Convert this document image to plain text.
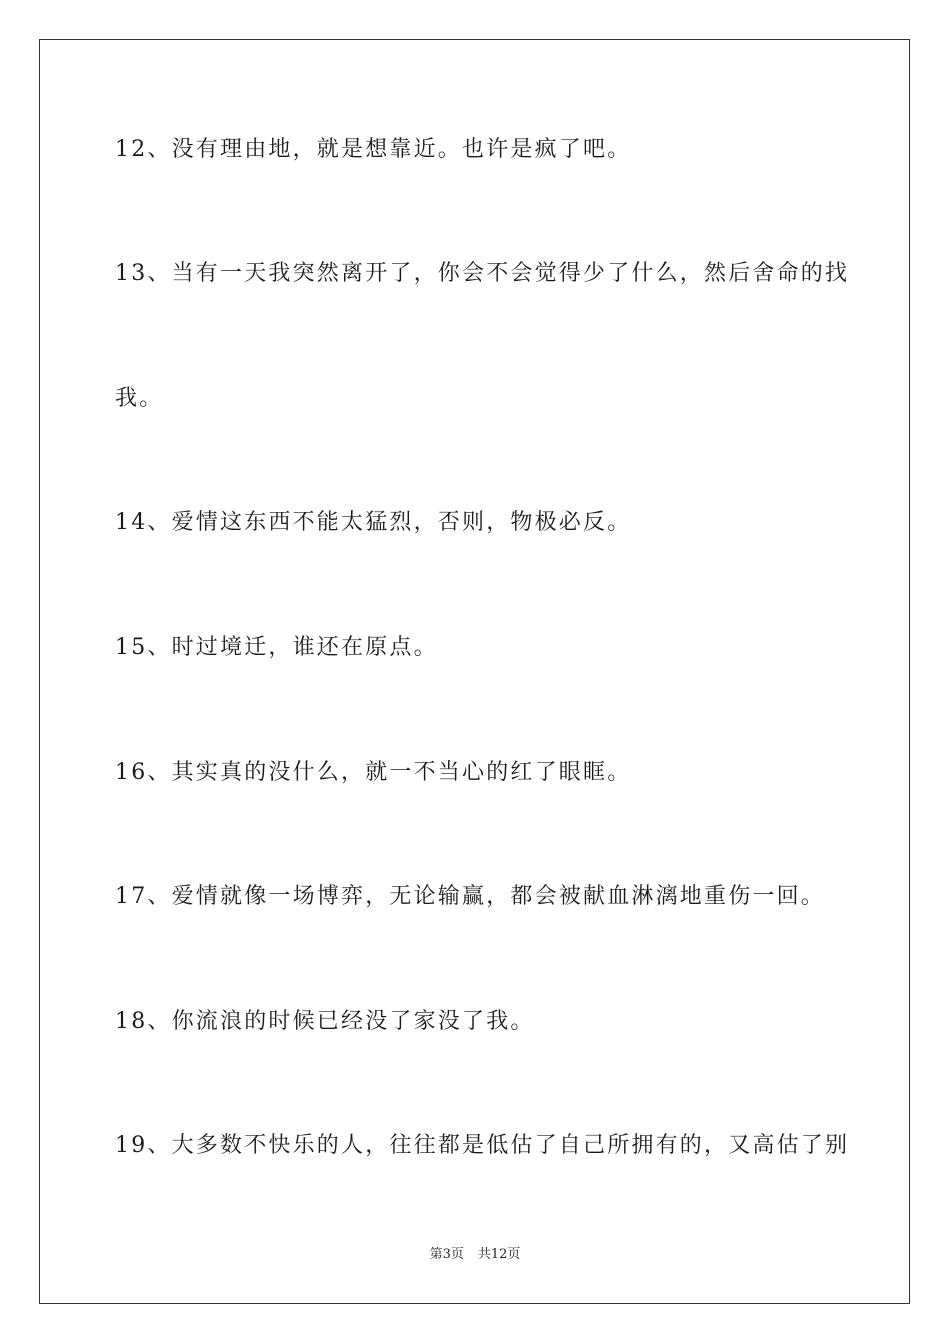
12、没有理由地，就是想靠近。也许是疯了吧。
13、当有一天我突然离开了，你会不会觉得少了什么，然后舍命的找
我。
14、爱情这东西不能太猛烈，否则，物极必反。
15、时过境迁，谁还在原点。
16、其实真的没什么，就一不当心的红了眼眶。
17、爱情就像一场博弈，无论输赢，都会被献血淋漓地重伤一回。
18、你流浪的时候已经没了家没了我。
19、大多数不快乐的人，往往都是低估了自己所拥有的，又高估了别
第3页 共12页
